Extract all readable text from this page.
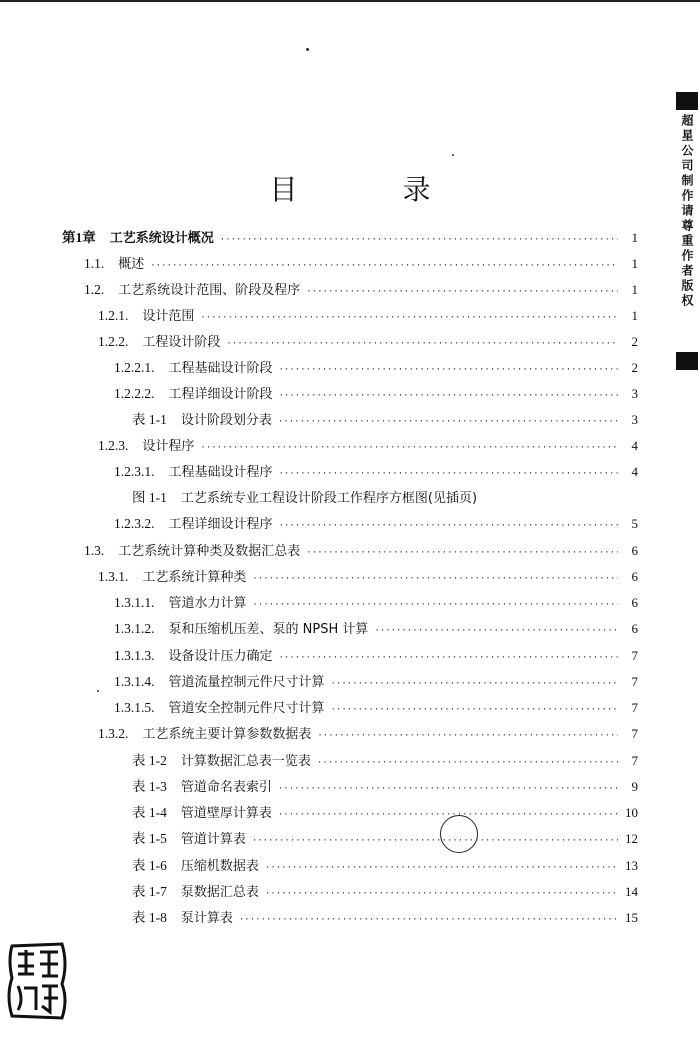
目 录	超星公司制作请尊重作者版权
第1章 工艺系统设计概况 ·····	1
1.1. 概述 ·····	1
1.2. 工艺系统设计范围、阶段及程序 ·····	1
1.2.1. 设计范围 ·····	1
1.2.2. 工程设计阶段 ·····	2
1.2.2.1. 工程基础设计阶段 ·····	2
1.2.2.2. 工程详细设计阶段 ·····	3
表 1-1 设计阶段划分表 ·····	3
1.2.3. 设计程序 ·····	4
1.2.3.1. 工程基础设计程序 ·····	4
图 1-1 工艺系统专业工程设计阶段工作程序方框图(见插页)
1.2.3.2. 工程详细设计程序 ·····	5
1.3. 工艺系统计算种类及数据汇总表 ·····	6
1.3.1. 工艺系统计算种类 ·····	6
1.3.1.1. 管道水力计算 ·····	6
1.3.1.2. 泵和压缩机压差、泵的 NPSH 计算 ·····	6
1.3.1.3. 设备设计压力确定 ·····	7
1.3.1.4. 管道流量控制元件尺寸计算 ·····	7
1.3.1.5. 管道安全控制元件尺寸计算 ·····	7
1.3.2. 工艺系统主要计算参数数据表 ·····	7
表 1-2 计算数据汇总表一览表 ·····	7
表 1-3 管道命名表索引 ·····	9
表 1-4 管道壁厚计算表 ·····	10
表 1-5 管道计算表 ·····	12
表 1-6 压缩机数据表 ·····	13
表 1-7 泵数据汇总表 ·····	14
表 1-8 泵计算表 ·····	15
